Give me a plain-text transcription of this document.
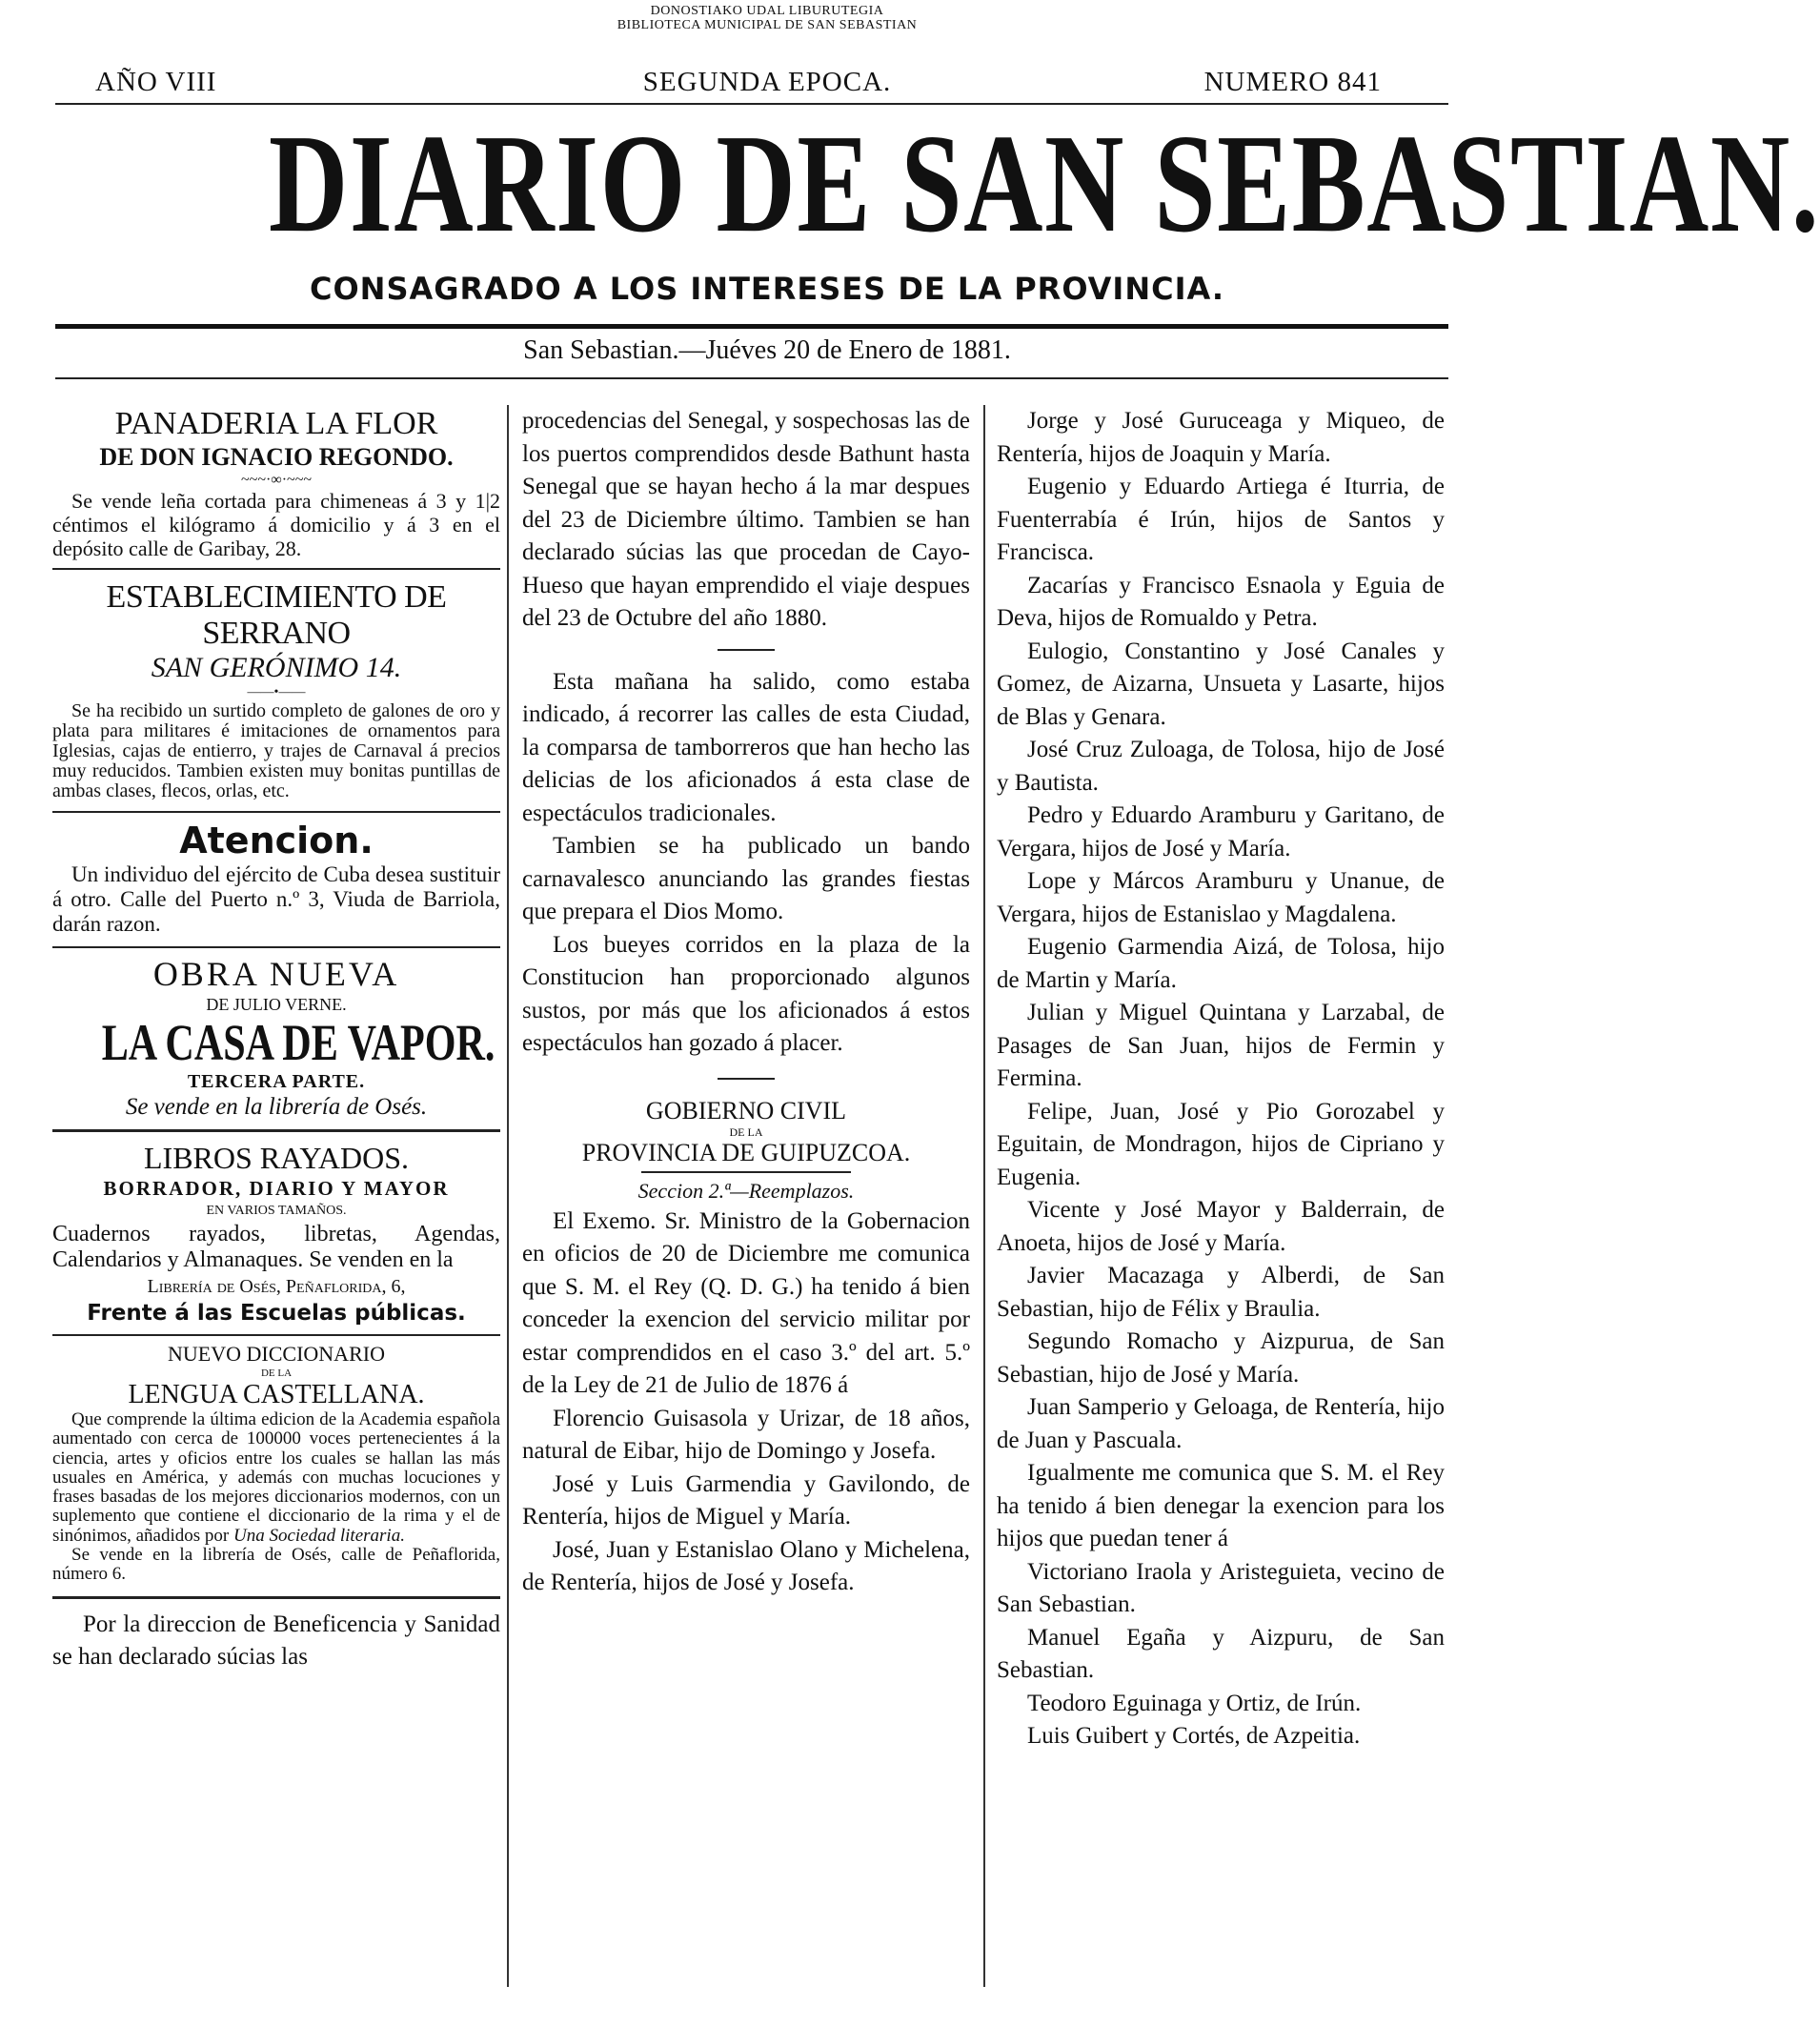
DONOSTIAKO UDAL LIBURUTEGIA
BIBLIOTECA MUNICIPAL DE SAN SEBASTIAN
AÑO VIII	SEGUNDA EPOCA.	NUMERO 841
DIARIO DE SAN SEBASTIAN.
CONSAGRADO A LOS INTERESES DE LA PROVINCIA.
San Sebastian.—Juéves 20 de Enero de 1881.
PANADERIA LA FLOR
DE DON IGNACIO REGONDO.
~~~·∞·~~~
Se vende leña cortada para chimeneas á 3 y 1|2 céntimos el kilógramo á domicilio y á 3 en el depósito calle de Garibay, 28.
ESTABLECIMIENTO DE SERRANO
SAN GERÓNIMO 14.
——•——
Se ha recibido un surtido completo de galones de oro y plata para militares é imitaciones de ornamentos para Iglesias, cajas de entierro, y trajes de Carnaval á precios muy reducidos. Tambien existen muy bonitas puntillas de ambas clases, flecos, orlas, etc.
Atencion.
Un individuo del ejército de Cuba desea sustituir á otro. Calle del Puerto n.º 3, Viuda de Barriola, darán razon.
OBRA NUEVA
DE JULIO VERNE.
LA CASA DE VAPOR.
TERCERA PARTE.
Se vende en la librería de Osés.
LIBROS RAYADOS.
BORRADOR, DIARIO Y MAYOR
EN VARIOS TAMAÑOS.
Cuadernos rayados, libretas, Agendas, Calendarios y Almanaques. Se venden en la
Librería de Osés, Peñaflorida, 6,
Frente á las Escuelas públicas.
NUEVO DICCIONARIO
DE LA
LENGUA CASTELLANA.
Que comprende la última edicion de la Academia española aumentado con cerca de 100000 voces pertenecientes á la ciencia, artes y oficios entre los cuales se hallan las más usuales en América, y además con muchas locuciones y frases basadas de los mejores diccionarios modernos, con un suplemento que contiene el diccionario de la rima y el de sinónimos, añadidos por Una Sociedad literaria.
Se vende en la librería de Osés, calle de Peñaflorida, número 6.

Por la direccion de Beneficencia y Sanidad se han declarado súcias las

procedencias del Senegal, y sospechosas las de los puertos comprendidos desde Bathunt hasta Senegal que se hayan hecho á la mar despues del 23 de Diciembre último. Tambien se han declarado súcias las que procedan de Cayo-Hueso que hayan emprendido el viaje despues del 23 de Octubre del año 1880.

Esta mañana ha salido, como estaba indicado, á recorrer las calles de esta Ciudad, la comparsa de tamborreros que han hecho las delicias de los aficionados á esta clase de espectáculos tradicionales.

Tambien se ha publicado un bando carnavalesco anunciando las grandes fiestas que prepara el Dios Momo.

Los bueyes corridos en la plaza de la Constitucion han proporcionado algunos sustos, por más que los aficionados á estos espectáculos han gozado á placer.

GOBIERNO CIVIL
DE LA
PROVINCIA DE GUIPUZCOA.
Seccion 2.ª—Reemplazos.

El Exemo. Sr. Ministro de la Gobernacion en oficios de 20 de Diciembre me comunica que S. M. el Rey (Q. D. G.) ha tenido á bien conceder la exencion del servicio militar por estar comprendidos en el caso 3.º del art. 5.º de la Ley de 21 de Julio de 1876 á

Florencio Guisasola y Urizar, de 18 años, natural de Eibar, hijo de Domingo y Josefa.

José y Luis Garmendia y Gavilondo, de Rentería, hijos de Miguel y María.

José, Juan y Estanislao Olano y Michelena, de Rentería, hijos de José y Josefa.

Jorge y José Guruceaga y Miqueo, de Rentería, hijos de Joaquin y María.

Eugenio y Eduardo Artiega é Iturria, de Fuenterrabía é Irún, hijos de Santos y Francisca.

Zacarías y Francisco Esnaola y Eguia de Deva, hijos de Romualdo y Petra.

Eulogio, Constantino y José Canales y Gomez, de Aizarna, Unsueta y Lasarte, hijos de Blas y Genara.

José Cruz Zuloaga, de Tolosa, hijo de José y Bautista.

Pedro y Eduardo Aramburu y Garitano, de Vergara, hijos de José y María.

Lope y Márcos Aramburu y Unanue, de Vergara, hijos de Estanislao y Magdalena.

Eugenio Garmendia Aizá, de Tolosa, hijo de Martin y María.

Julian y Miguel Quintana y Larzabal, de Pasages de San Juan, hijos de Fermin y Fermina.

Felipe, Juan, José y Pio Gorozabel y Eguitain, de Mondragon, hijos de Cipriano y Eugenia.

Vicente y José Mayor y Balderrain, de Anoeta, hijos de José y María.

Javier Macazaga y Alberdi, de San Sebastian, hijo de Félix y Braulia.

Segundo Romacho y Aizpurua, de San Sebastian, hijo de José y María.

Juan Samperio y Geloaga, de Rentería, hijo de Juan y Pascuala.

Igualmente me comunica que S. M. el Rey ha tenido á bien denegar la exencion para los hijos que puedan tener á

Victoriano Iraola y Aristeguieta, vecino de San Sebastian.

Manuel Egaña y Aizpuru, de San Sebastian.

Teodoro Eguinaga y Ortiz, de Irún.

Luis Guibert y Cortés, de Azpeitia.
